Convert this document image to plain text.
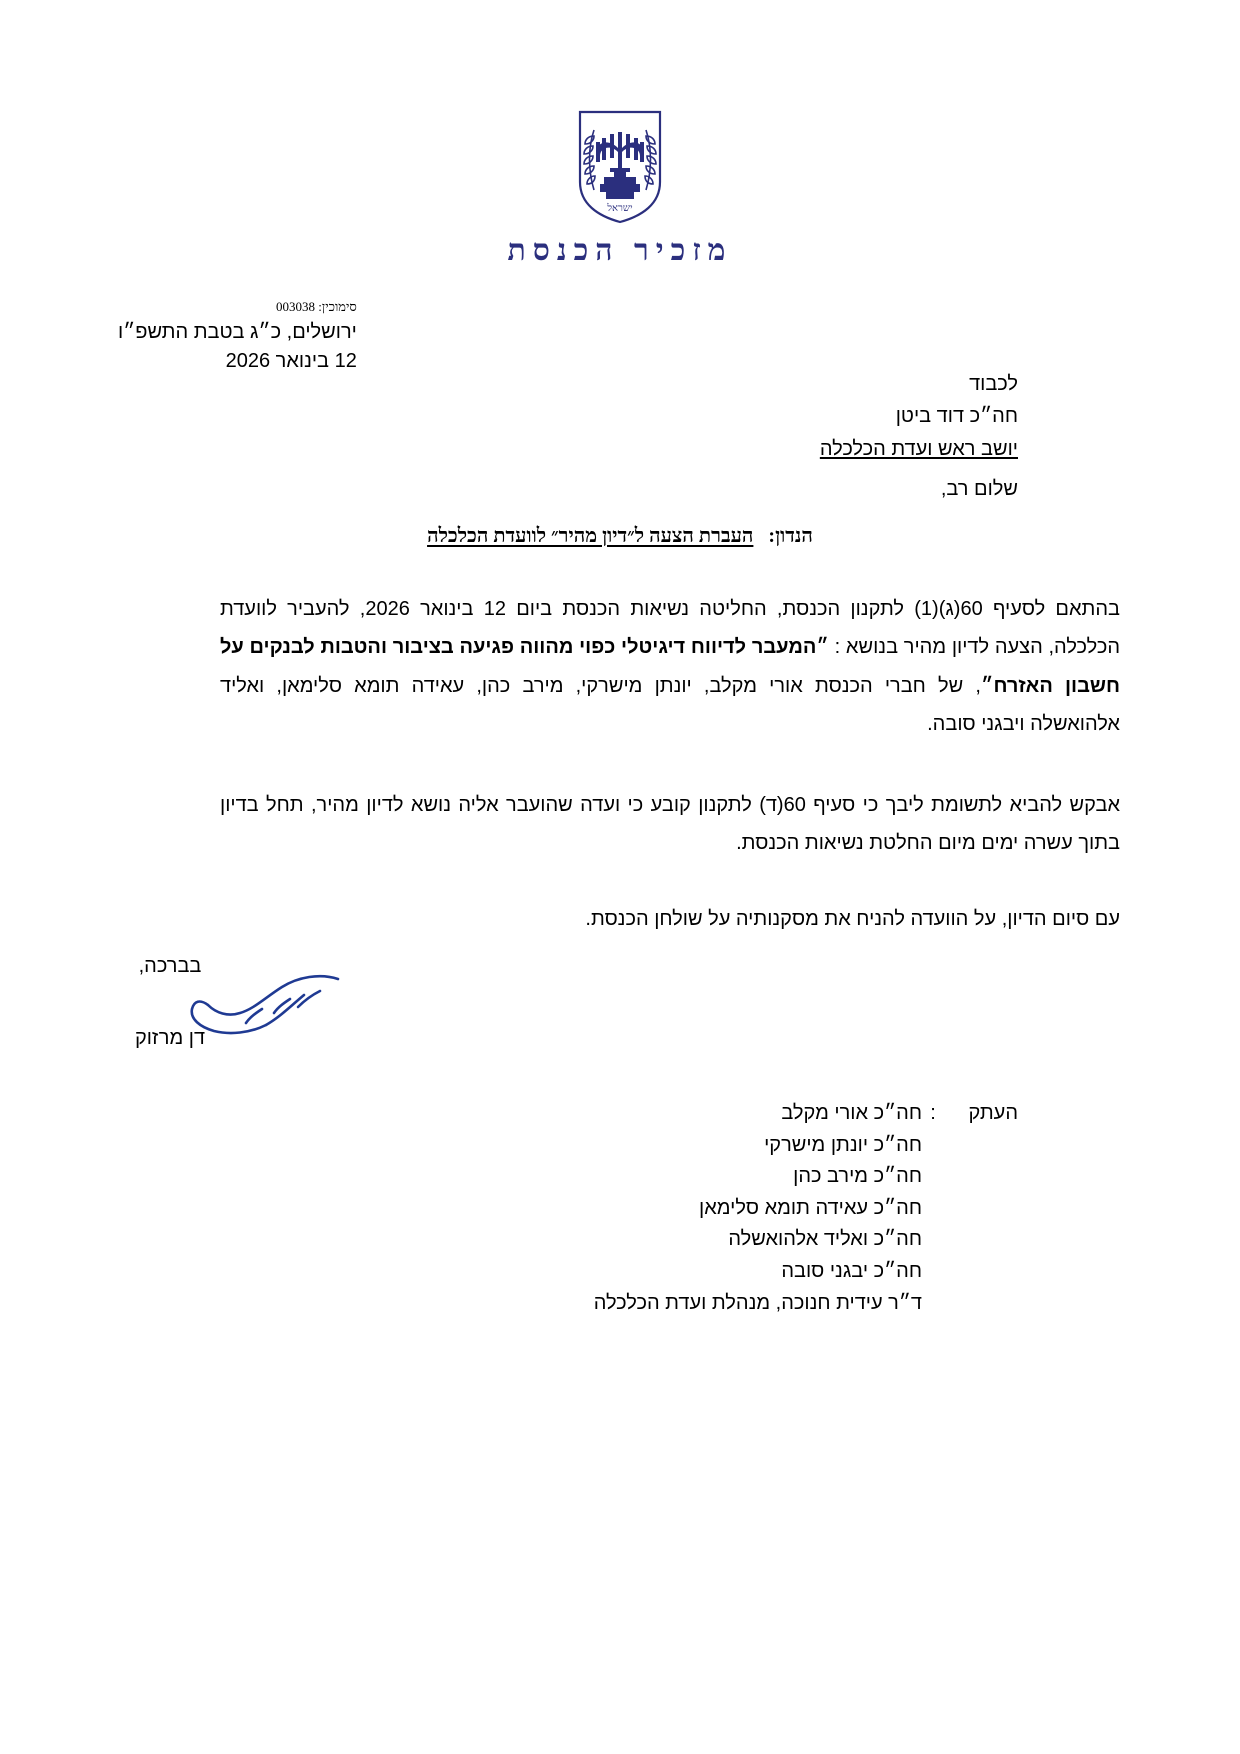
ישראל
מזכיר הכנסת
סימוכין: 003038
ירושלים, כ״ג בטבת התשפ״ו
12 בינואר 2026
לכבוד
חה״כ דוד ביטן
יושב ראש ועדת הכלכלה
שלום רב,
הנדון:   העברת הצעה ל״דיון מהיר״ לוועדת הכלכלה

בהתאם לסעיף 60(ג)(1) לתקנון הכנסת, החליטה נשיאות הכנסת ביום 12 בינואר 2026, להעביר לוועדת הכלכלה, הצעה לדיון מהיר בנושא : ״המעבר לדיווח דיגיטלי כפוי מהווה פגיעה בציבור והטבות לבנקים על חשבון האזרח״, של חברי הכנסת אורי מקלב, יונתן מישרקי, מירב כהן, עאידה תומא סלימאן, ואליד אלהואשלה ויבגני סובה.

אבקש להביא לתשומת ליבך כי סעיף 60(ד) לתקנון קובע כי ועדה שהועבר אליה נושא לדיון מהיר, תחל בדיון בתוך עשרה ימים מיום החלטת נשיאות הכנסת.

עם סיום הדיון, על הוועדה להניח את מסקנותיה על שולחן הכנסת.

בברכה,
דן מרזוק
העתק
:
חה״כ אורי מקלב
חה״כ יונתן מישרקי
חה״כ מירב כהן
חה״כ עאידה תומא סלימאן
חה״כ ואליד אלהואשלה
חה״כ יבגני סובה
ד״ר עידית חנוכה, מנהלת ועדת הכלכלה
